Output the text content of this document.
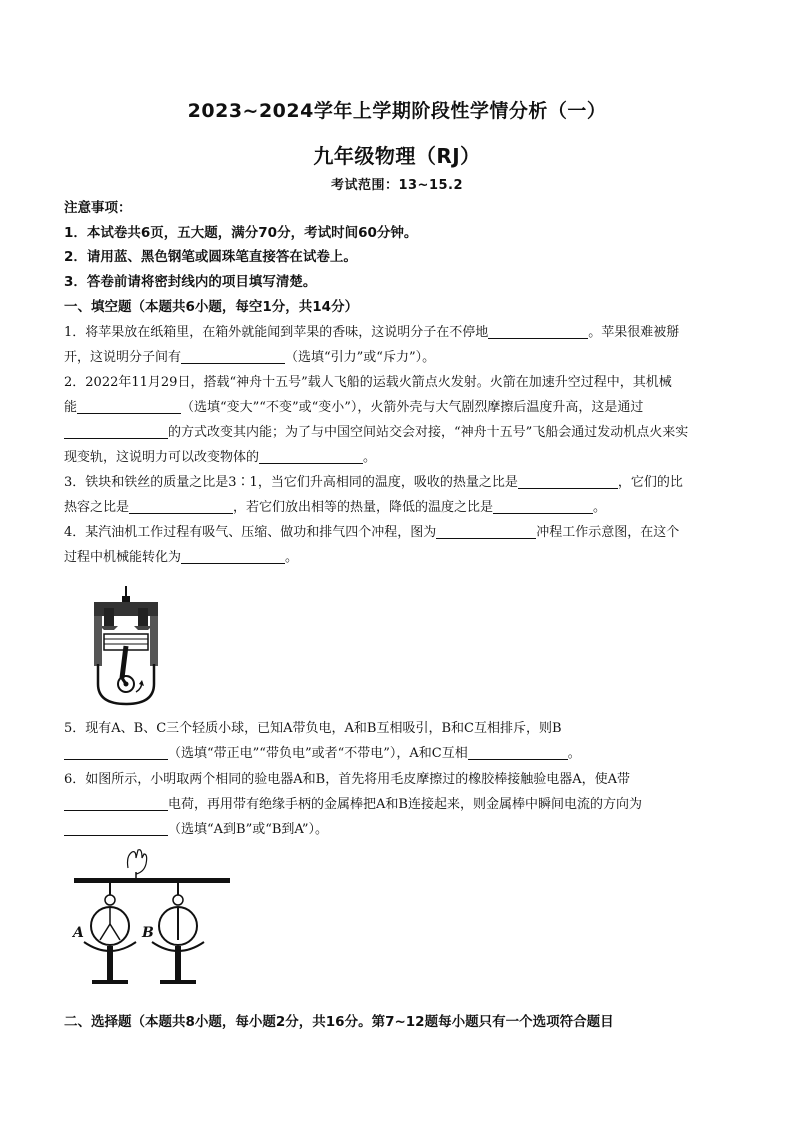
2023~2024学年上学期阶段性学情分析（一）
九年级物理（RJ）
考试范围：13~15.2
注意事项：
1．本试卷共6页，五大题，满分70分，考试时间60分钟。
2．请用蓝、黑色钢笔或圆珠笔直接答在试卷上。
3．答卷前请将密封线内的项目填写清楚。
一、填空题（本题共6小题，每空1分，共14分）
1．将苹果放在纸箱里，在箱外就能闻到苹果的香味，这说明分子在不停地	。苹果很难被掰
开，这说明分子间有	（选填“引力”或“斥力”）。
2．2022年11月29日，搭载“神舟十五号”载人飞船的运载火箭点火发射。火箭在加速升空过程中，其机械
能	（选填“变大”“不变”或“变小”），火箭外壳与大气剧烈摩擦后温度升高，这是通过
的方式改变其内能；为了与中国空间站交会对接，“神舟十五号”飞船会通过发动机点火来实
现变轨，这说明力可以改变物体的	。
3．铁块和铁丝的质量之比是3∶1，当它们升高相同的温度，吸收的热量之比是	，它们的比
热容之比是	，若它们放出相等的热量，降低的温度之比是	。
4．某汽油机工作过程有吸气、压缩、做功和排气四个冲程，图为	冲程工作示意图，在这个
过程中机械能转化为	。
5．现有A、B、C三个轻质小球，已知A带负电，A和B互相吸引，B和C互相排斥，则B
（选填“带正电”“带负电”或者“不带电”），A和C互相	。
6．如图所示，小明取两个相同的验电器A和B，首先将用毛皮摩擦过的橡胶棒接触验电器A，使A带
电荷，再用带有绝缘手柄的金属棒把A和B连接起来，则金属棒中瞬间电流的方向为
（选填“A到B”或“B到A”）。
A	B
二、选择题（本题共8小题，每小题2分，共16分。第7~12题每小题只有一个选项符合题目
